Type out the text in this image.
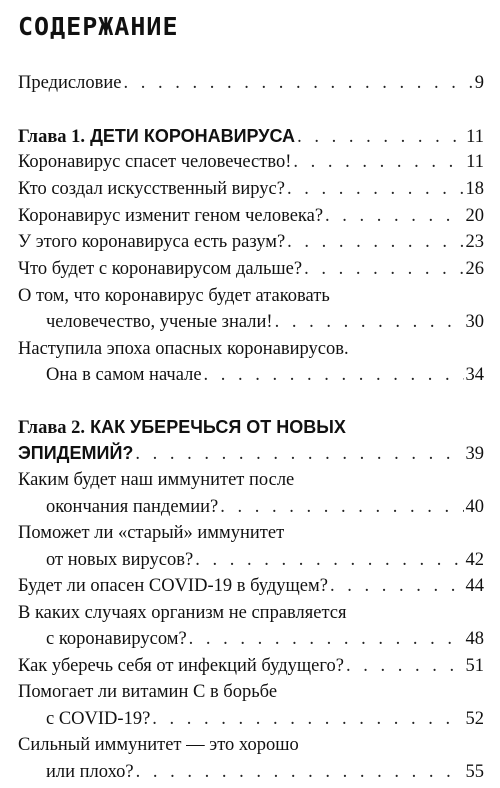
СОДЕРЖАНИЕ
Предисловие . . .	9
Глава 1. ДЕТИ КОРОНАВИРУСА . . .	11
Коронавирус спасет человечество! . . .	11
Кто создал искусственный вирус? . . .	18
Коронавирус изменит геном человека? . . .	20
У этого коронавируса есть разум? . . .	23
Что будет с коронавирусом дальше? . . .	26
О том, что коронавирус будет атаковать
человечество, ученые знали! . . .	30
Наступила эпоха опасных коронавирусов.
Она в самом начале . . .	34
Глава 2. КАК УБЕРЕЧЬСЯ ОТ НОВЫХ
ЭПИДЕМИЙ? . . .	39
Каким будет наш иммунитет после
окончания пандемии? . . .	40
Поможет ли «старый» иммунитет
от новых вирусов? . . .	42
Будет ли опасен COVID-19 в будущем? . . .	44
В каких случаях организм не справляется
с коронавирусом? . . .	48
Как уберечь себя от инфекций будущего? . . .	51
Помогает ли витамин С в борьбе
с COVID-19? . . .	52
Сильный иммунитет — это хорошо
или плохо? . . .	55
